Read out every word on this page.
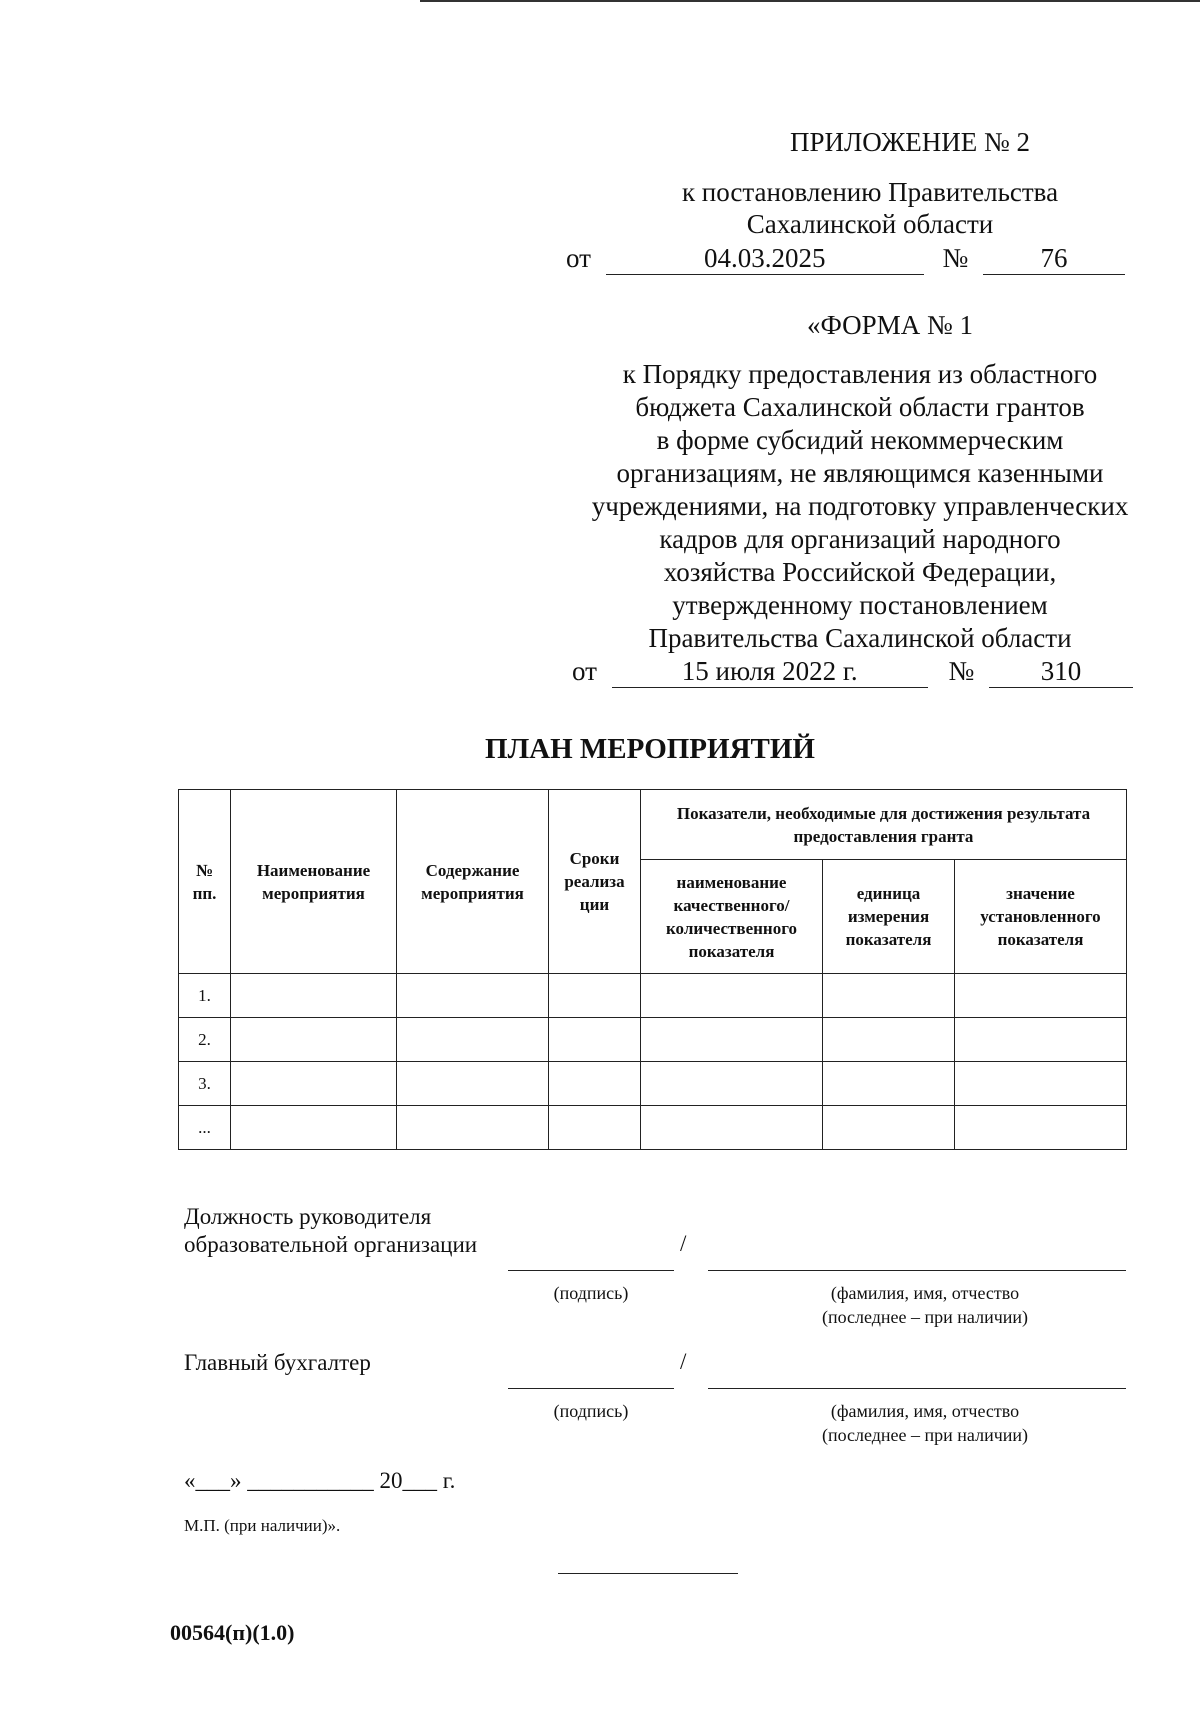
ПРИЛОЖЕНИЕ № 2
к постановлению Правительства
Сахалинской области
от	04.03.2025	№	76
«ФОРМА № 1
к Порядку предоставления из областного
бюджета Сахалинской области грантов
в форме субсидий некоммерческим
организациям, не являющимся казенными
учреждениями, на подготовку управленческих
кадров для организаций народного
хозяйства Российской Федерации,
утвержденному постановлением
Правительства Сахалинской области
от	15 июля 2022 г.	№ 310
ПЛАН МЕРОПРИЯТИЙ
№ пп.	Наименование мероприятия	Содержание мероприятия	Сроки реализа ции	Показатели, необходимые для достижения результата предоставления гранта		
				наименование качественного/ количественного показателя	единица измерения показателя	значение установленного показателя
1.						
2.						
3.						
...						
Должность руководителя
образовательной организации	/
(подпись)	(фамилия, имя, отчество
(последнее – при наличии)
Главный бухгалтер	/
(подпись)	(фамилия, имя, отчество
(последнее – при наличии)
«___» ___________ 20___ г.
М.П. (при наличии)».
00564(п)(1.0)
